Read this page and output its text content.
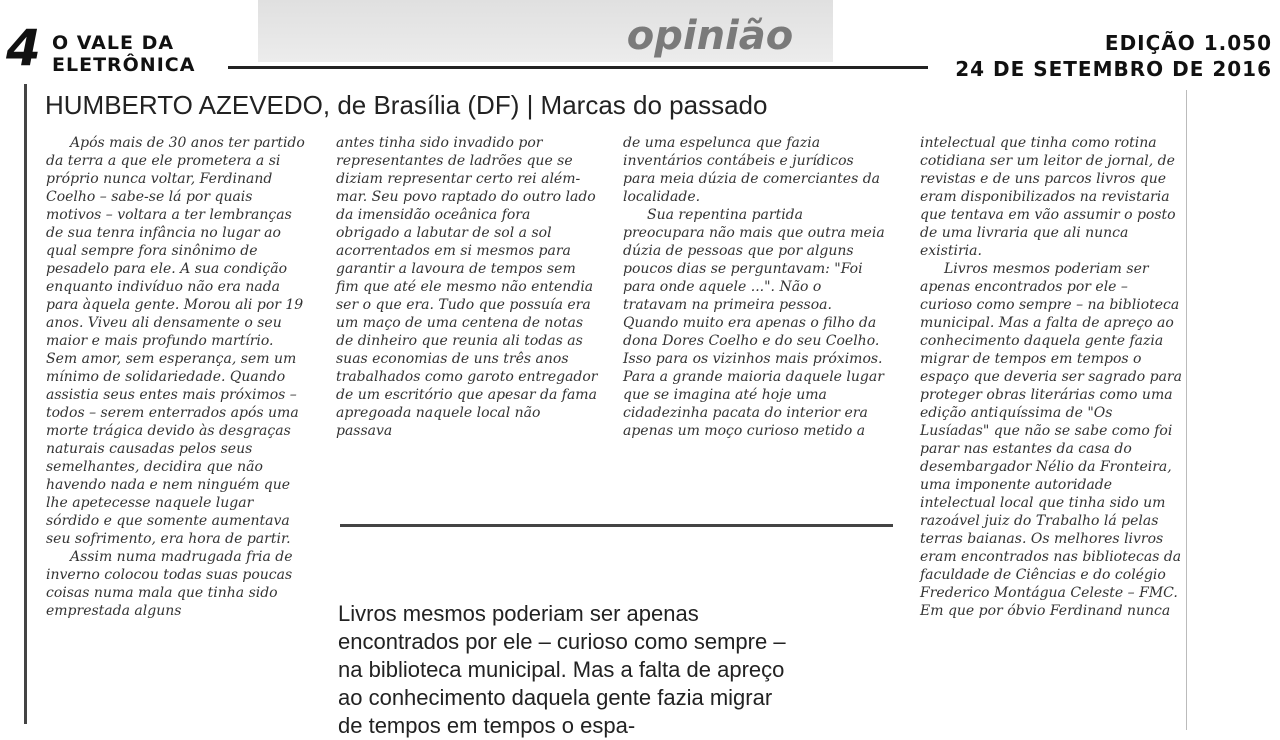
4 O VALE DA
ELETRÔNICA
opinião	EDIÇÃO 1.050
24 DE SETEMBRO DE 2016
HUMBERTO AZEVEDO, de Brasília (DF) | Marcas do passado

Após mais de 30 anos ter partido da terra a que ele prometera a si próprio nunca voltar, Ferdinand Coelho – sabe-se lá por quais motivos – voltara a ter lembranças de sua tenra infância no lugar ao qual sempre fora sinônimo de pesadelo para ele. A sua condição enquanto indivíduo não era nada para àquela gente. Morou ali por 19 anos. Viveu ali densamente o seu maior e mais profundo martírio. Sem amor, sem esperança, sem um mínimo de solidariedade. Quando assistia seus entes mais próximos – todos – serem enterrados após uma morte trágica devido às desgraças naturais causadas pelos seus semelhantes, decidira que não havendo nada e nem ninguém que lhe apetecesse naquele lugar sórdido e que somente aumentava seu sofrimento, era hora de partir.

Assim numa madrugada fria de inverno colocou todas suas poucas coisas numa mala que tinha sido emprestada alguns

antes tinha sido invadido por representantes de ladrões que se diziam representar certo rei além-mar. Seu povo raptado do outro lado da imensidão oceânica fora obrigado a labutar de sol a sol acorrentados em si mesmos para garantir a lavoura de tempos sem fim que até ele mesmo não entendia ser o que era. Tudo que possuía era um maço de uma centena de notas de dinheiro que reunia ali todas as suas economias de uns três anos trabalhados como garoto entregador de um escritório que apesar da fama apregoada naquele local não passava

de uma espelunca que fazia inventários contábeis e jurídicos para meia dúzia de comerciantes da localidade.

Sua repentina partida preocupara não mais que outra meia dúzia de pessoas que por alguns poucos dias se perguntavam: "Foi para onde aquele ...". Não o tratavam na primeira pessoa. Quando muito era apenas o filho da dona Dores Coelho e do seu Coelho. Isso para os vizinhos mais próximos. Para a grande maioria daquele lugar que se imagina até hoje uma cidadezinha pacata do interior era apenas um moço curioso metido a

intelectual que tinha como rotina cotidiana ser um leitor de jornal, de revistas e de uns parcos livros que eram disponibilizados na revistaria que tentava em vão assumir o posto de uma livraria que ali nunca existiria.

Livros mesmos poderiam ser apenas encontrados por ele – curioso como sempre – na biblioteca municipal. Mas a falta de apreço ao conhecimento daquela gente fazia migrar de tempos em tempos o espaço que deveria ser sagrado para proteger obras literárias como uma edição antiquíssima de "Os Lusíadas" que não se sabe como foi parar nas estantes da casa do desembargador Nélio da Fronteira, uma imponente autoridade intelectual local que tinha sido um razoável juiz do Trabalho lá pelas terras baianas. Os melhores livros eram encontrados nas bibliotecas da faculdade de Ciências e do colégio Frederico Montágua Celeste – FMC. Em que por óbvio Ferdinand nunca

Livros mesmos poderiam ser apenas encontrados por ele – curioso como sempre – na biblioteca municipal. Mas a falta de apreço ao conhecimento daquela gente fazia migrar de tempos em tempos o espa-
